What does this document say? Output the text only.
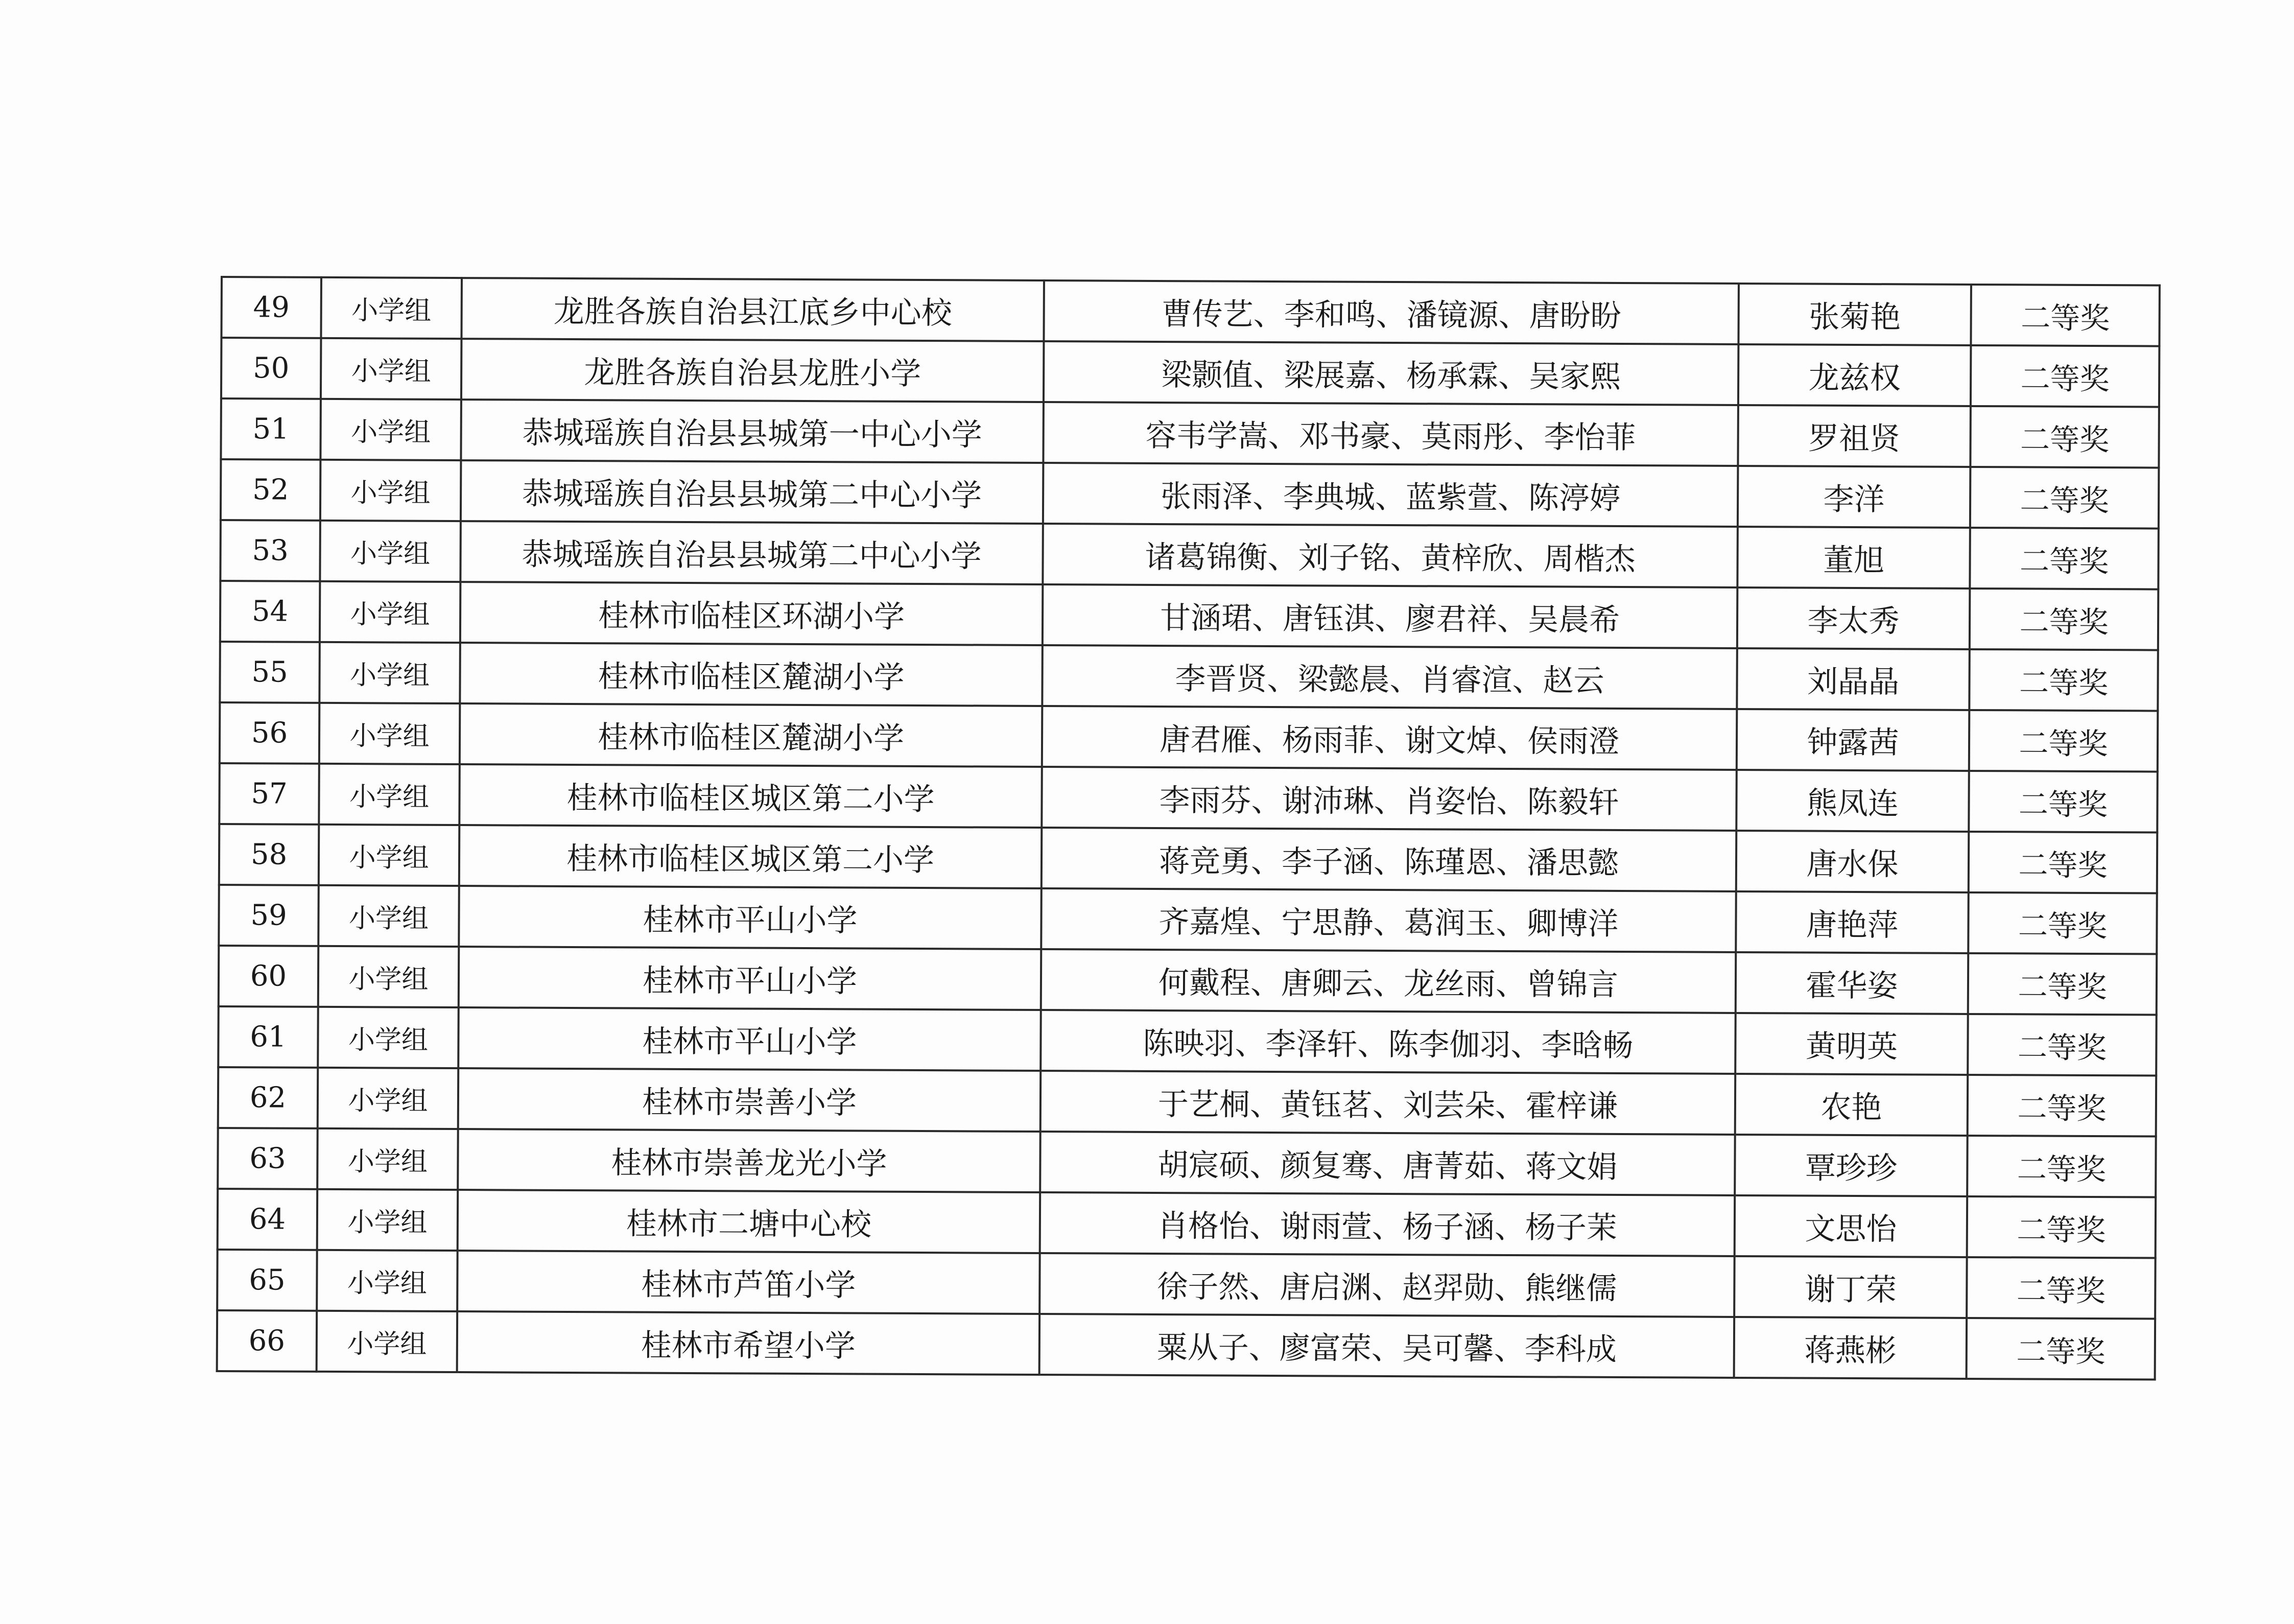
49	小学组	龙胜各族自治县江底乡中心校	曹传艺、李和鸣、潘镜源、唐盼盼	张菊艳	二等奖
50	小学组	龙胜各族自治县龙胜小学	梁颢值、梁展嘉、杨承霖、吴家熙	龙兹权	二等奖
51	小学组	恭城瑶族自治县县城第一中心小学	容韦学嵩、邓书豪、莫雨彤、李怡菲	罗祖贤	二等奖
52	小学组	恭城瑶族自治县县城第二中心小学	张雨泽、李典城、蓝紫萱、陈渟婷	李洋	二等奖
53	小学组	恭城瑶族自治县县城第二中心小学	诸葛锦衡、刘子铭、黄梓欣、周楷杰	董旭	二等奖
54	小学组	桂林市临桂区环湖小学	甘涵珺、唐钰淇、廖君祥、吴晨希	李太秀	二等奖
55	小学组	桂林市临桂区麓湖小学	李晋贤、梁懿晨、肖睿渲、赵云	刘晶晶	二等奖
56	小学组	桂林市临桂区麓湖小学	唐君雁、杨雨菲、谢文焯、侯雨澄	钟露茜	二等奖
57	小学组	桂林市临桂区城区第二小学	李雨芬、谢沛琳、肖姿怡、陈毅轩	熊凤连	二等奖
58	小学组	桂林市临桂区城区第二小学	蒋竞勇、李子涵、陈瑾恩、潘思懿	唐水保	二等奖
59	小学组	桂林市平山小学	齐嘉煌、宁思静、葛润玉、卿博洋	唐艳萍	二等奖
60	小学组	桂林市平山小学	何戴程、唐卿云、龙丝雨、曾锦言	霍华姿	二等奖
61	小学组	桂林市平山小学	陈映羽、李泽轩、陈李伽羽、李晗畅	黄明英	二等奖
62	小学组	桂林市崇善小学	于艺桐、黄钰茗、刘芸朵、霍梓谦	农艳	二等奖
63	小学组	桂林市崇善龙光小学	胡宸硕、颜复骞、唐菁茹、蒋文娟	覃珍珍	二等奖
64	小学组	桂林市二塘中心校	肖格怡、谢雨萱、杨子涵、杨子茉	文思怡	二等奖
65	小学组	桂林市芦笛小学	徐子然、唐启渊、赵羿勋、熊继儒	谢丁荣	二等奖
66	小学组	桂林市希望小学	粟从子、廖富荣、吴可馨、李科成	蒋燕彬	二等奖
